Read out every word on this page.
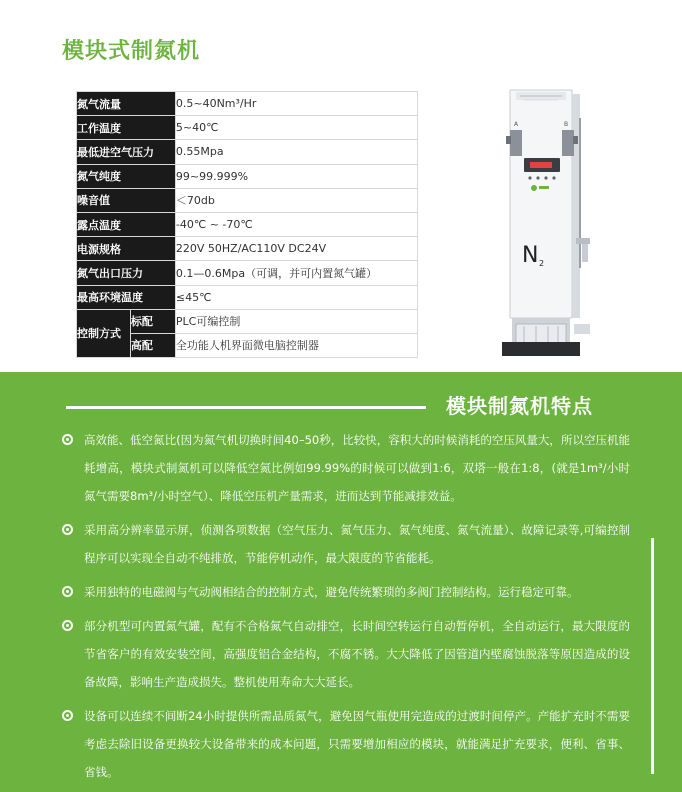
模块式制氮机
氮气流量		0.5~40Nm³/Hr
工作温度		5~40℃
最低进空气压力		0.55Mpa
氮气纯度		99~99.999%
噪音值		＜70db
露点温度		-40℃ ~ -70℃
电源规格		220V 50HZ/AC110V DC24V
氮气出口压力		0.1—0.6Mpa（可调，并可内置氮气罐）
最高环境温度		≤45℃
控制方式	标配	PLC可编控制
	高配	全功能人机界面微电脑控制器
A	B
N 2
模块制氮机特点
高效能、低空氮比(因为氮气机切换时间40–50秒，比较快，容积大的时候消耗的空压风量大，所以空压机能耗增高，模块式制氮机可以降低空氮比例如99.99%的时候可以做到1:6，双塔一般在1:8，(就是1m³/小时氮气需要8m³/小时空气）、降低空压机产量需求，进而达到节能减排效益。
采用高分辨率显示屏，侦测各项数据（空气压力、氮气压力、氮气纯度、氮气流量）、故障记录等,可编控制程序可以实现全自动不纯排放，节能停机动作，最大限度的节省能耗。
采用独特的电磁阀与气动阀相结合的控制方式，避免传统繁琐的多阀门控制结构。运行稳定可靠。
部分机型可内置氮气罐，配有不合格氮气自动排空，长时间空转运行自动暂停机，全自动运行，最大限度的节省客户的有效安装空间，高强度铝合金结构，不腐不锈。大大降低了因管道内壁腐蚀脱落等原因造成的设备故障，影响生产造成损失。整机使用寿命大大延长。
设备可以连续不间断24小时提供所需品质氮气，避免因气瓶使用完造成的过渡时间停产。产能扩充时不需要考虑去除旧设备更换较大设备带来的成本问题，只需要增加相应的模块，就能满足扩充要求，便利、省事、省钱。
